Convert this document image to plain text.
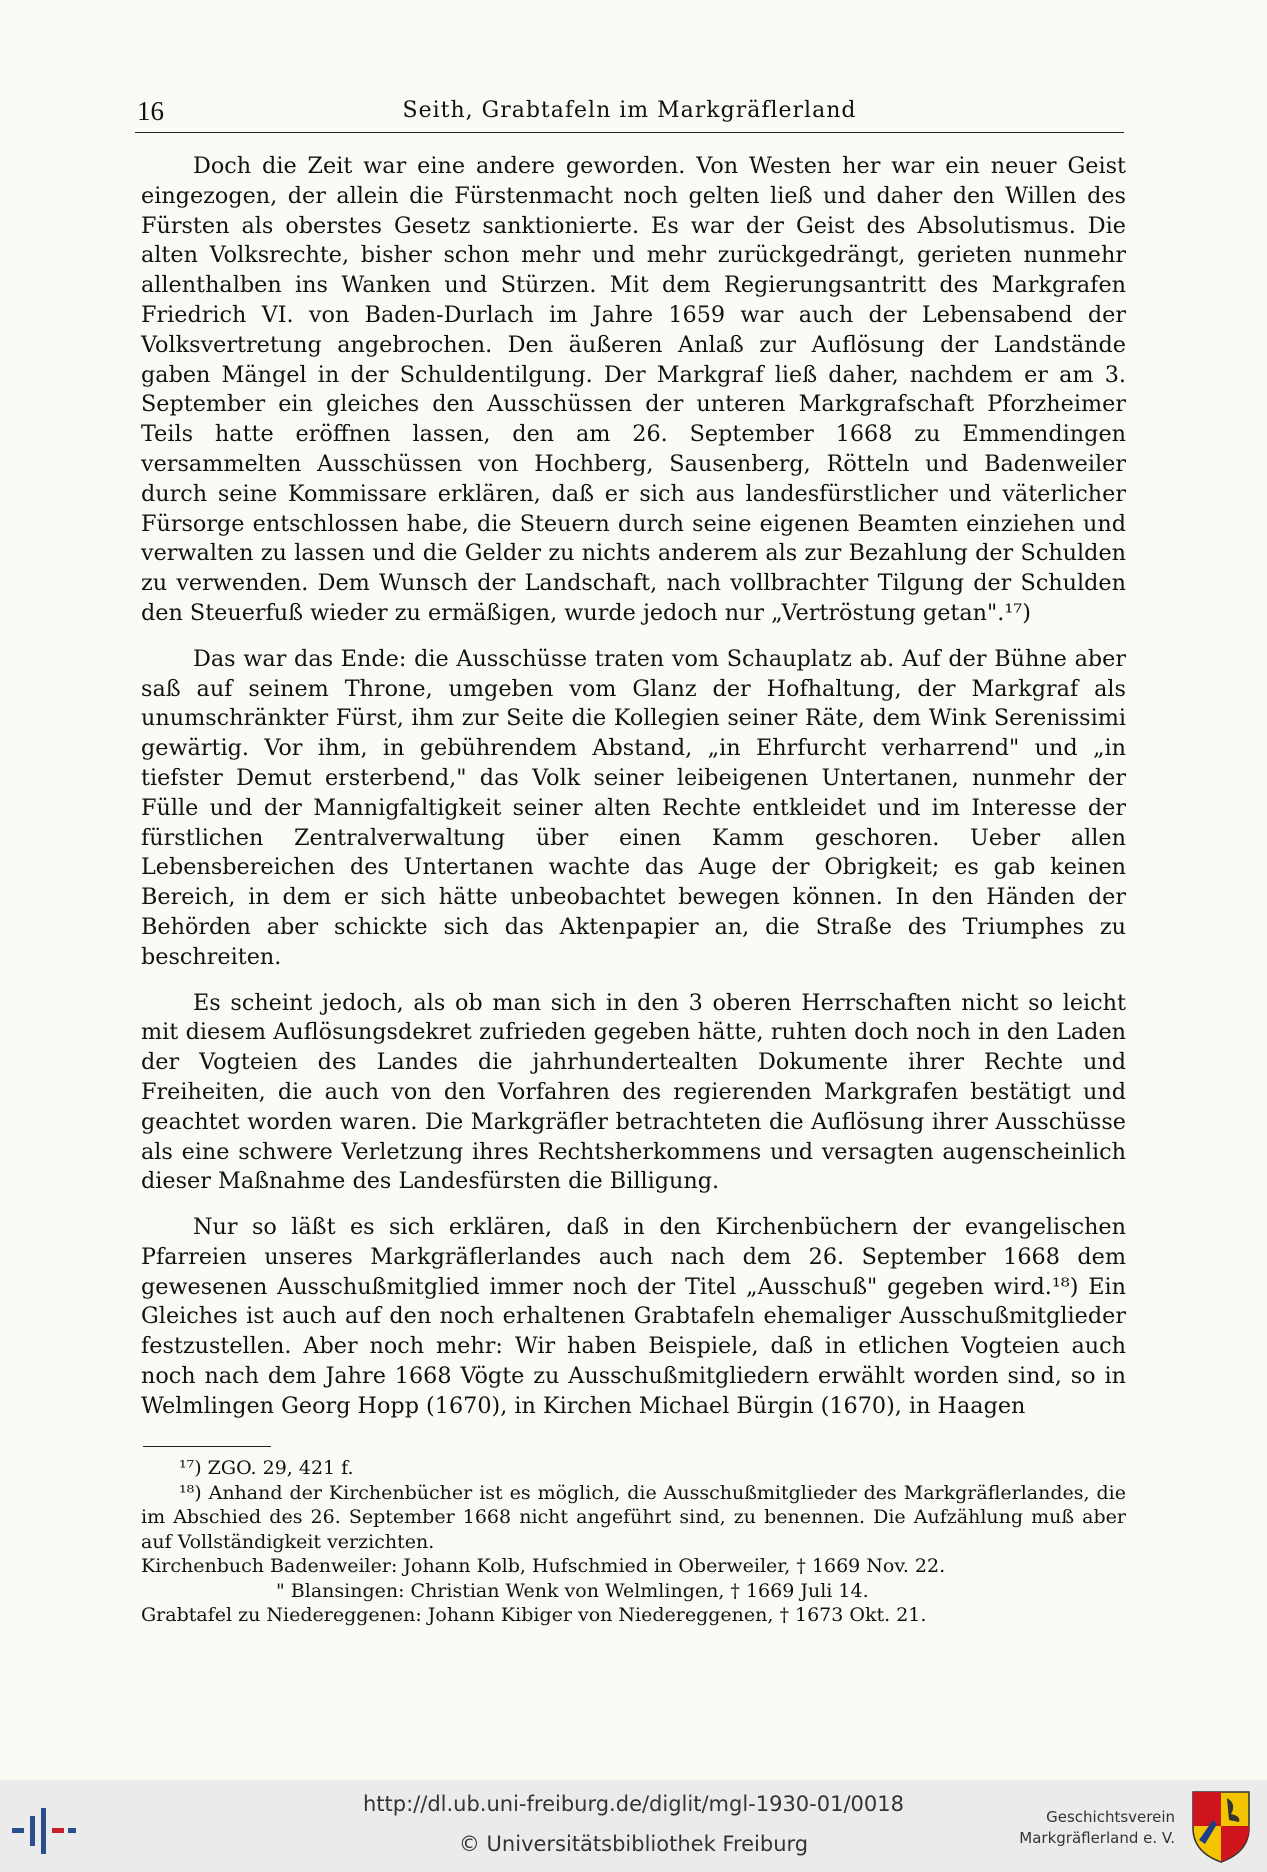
16	Seith, Grabtafeln im Markgräflerland

Doch die Zeit war eine andere geworden. Von Westen her war ein neuer Geist eingezogen, der allein die Fürstenmacht noch gelten ließ und daher den Willen des Fürsten als oberstes Gesetz sanktionierte. Es war der Geist des Absolutismus. Die alten Volksrechte, bisher schon mehr und mehr zurückgedrängt, gerieten nunmehr allenthalben ins Wanken und Stürzen. Mit dem Regierungsantritt des Markgrafen Friedrich VI. von Baden-Durlach im Jahre 1659 war auch der Lebensabend der Volksvertretung angebrochen. Den äußeren Anlaß zur Auflösung der Landstände gaben Mängel in der Schuldentilgung. Der Markgraf ließ daher, nachdem er am 3. September ein gleiches den Ausschüssen der unteren Markgrafschaft Pforzheimer Teils hatte eröffnen lassen, den am 26. September 1668 zu Emmendingen versammelten Ausschüssen von Hochberg, Sausenberg, Rötteln und Badenweiler durch seine Kommissare erklären, daß er sich aus landesfürstlicher und väterlicher Fürsorge entschlossen habe, die Steuern durch seine eigenen Beamten einziehen und verwalten zu lassen und die Gelder zu nichts anderem als zur Bezahlung der Schulden zu verwenden. Dem Wunsch der Landschaft, nach vollbrachter Tilgung der Schulden den Steuerfuß wieder zu ermäßigen, wurde jedoch nur „Vertröstung getan".¹⁷)

Das war das Ende: die Ausschüsse traten vom Schauplatz ab. Auf der Bühne aber saß auf seinem Throne, umgeben vom Glanz der Hofhaltung, der Markgraf als unumschränkter Fürst, ihm zur Seite die Kollegien seiner Räte, dem Wink Serenissimi gewärtig. Vor ihm, in gebührendem Abstand, „in Ehrfurcht verharrend" und „in tiefster Demut ersterbend," das Volk seiner leibeigenen Untertanen, nunmehr der Fülle und der Mannigfaltigkeit seiner alten Rechte entkleidet und im Interesse der fürstlichen Zentralverwaltung über einen Kamm geschoren. Ueber allen Lebensbereichen des Untertanen wachte das Auge der Obrigkeit; es gab keinen Bereich, in dem er sich hätte unbeobachtet bewegen können. In den Händen der Behörden aber schickte sich das Aktenpapier an, die Straße des Triumphes zu beschreiten.

Es scheint jedoch, als ob man sich in den 3 oberen Herrschaften nicht so leicht mit diesem Auflösungsdekret zufrieden gegeben hätte, ruhten doch noch in den Laden der Vogteien des Landes die jahrhundertealten Dokumente ihrer Rechte und Freiheiten, die auch von den Vorfahren des regierenden Markgrafen bestätigt und geachtet worden waren. Die Markgräfler betrachteten die Auflösung ihrer Ausschüsse als eine schwere Verletzung ihres Rechtsherkommens und versagten augenscheinlich dieser Maßnahme des Landesfürsten die Billigung.

Nur so läßt es sich erklären, daß in den Kirchenbüchern der evangelischen Pfarreien unseres Markgräflerlandes auch nach dem 26. September 1668 dem gewesenen Ausschußmitglied immer noch der Titel „Ausschuß" gegeben wird.¹⁸) Ein Gleiches ist auch auf den noch erhaltenen Grabtafeln ehemaliger Ausschußmitglieder festzustellen. Aber noch mehr: Wir haben Beispiele, daß in etlichen Vogteien auch noch nach dem Jahre 1668 Vögte zu Ausschußmitgliedern erwählt worden sind, so in Welmlingen Georg Hopp (1670), in Kirchen Michael Bürgin (1670), in Haagen

¹⁷) ZGO. 29, 421 f.

¹⁸) Anhand der Kirchenbücher ist es möglich, die Ausschußmitglieder des Markgräflerlandes, die im Abschied des 26. September 1668 nicht angeführt sind, zu benennen. Die Aufzählung muß aber auf Vollständigkeit verzichten.

Kirchenbuch Badenweiler: Johann Kolb, Hufschmied in Oberweiler, † 1669 Nov. 22.

" Blansingen: Christian Wenk von Welmlingen, † 1669 Juli 14.

Grabtafel zu Niedereggenen: Johann Kibiger von Niedereggenen, † 1673 Okt. 21.

http://dl.ub.uni-freiburg.de/diglit/mgl-1930-01/0018
© Universitätsbibliothek Freiburg
Geschichtsverein
Markgräflerland e. V.
